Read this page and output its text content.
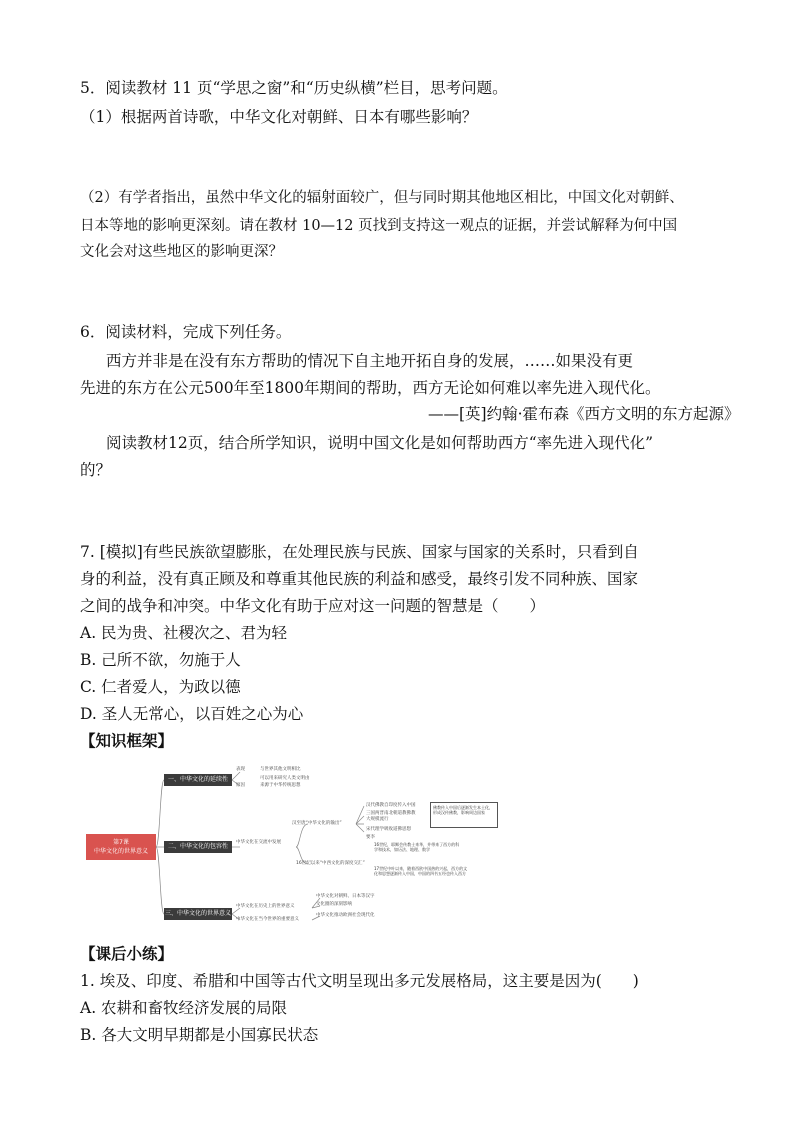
5．阅读教材 11 页“学思之窗”和“历史纵横”栏目，思考问题。
（1）根据两首诗歌，中华文化对朝鲜、日本有哪些影响？
（2）有学者指出，虽然中华文化的辐射面较广，但与同时期其他地区相比，中国文化对朝鲜、
日本等地的影响更深刻。请在教材 10—12 页找到支持这一观点的证据，并尝试解释为何中国
文化会对这些地区的影响更深？
6．阅读材料，完成下列任务。
西方并非是在没有东方帮助的情况下自主地开拓自身的发展，……如果没有更
先进的东方在公元500年至1800年期间的帮助，西方无论如何难以率先进入现代化。
——[英]约翰·霍布森《西方文明的东方起源》
阅读教材12页，结合所学知识，说明中国文化是如何帮助西方“率先进入现代化”
的？
7. [模拟]有些民族欲望膨胀，在处理民族与民族、国家与国家的关系时，只看到自
身的利益，没有真正顾及和尊重其他民族的利益和感受，最终引发不同种族、国家
之间的战争和冲突。中华文化有助于应对这一问题的智慧是（　　）
A. 民为贵、社稷次之、君为轻
B. 己所不欲，勿施于人
C. 仁者爱人，为政以德
D. 圣人无常心，以百姓之心为心
【知识框架】
第7课
中华文化的世界意义
一、中华文化的延续性
二、中华文化的包容性
三、中华文化的世界意义
表现
原因
与世界其他文明相比
可以用来研究人类文明由
来源于中华传统思想
中华文化在交流中发展
汉至唐“中华文化的输出”
16世纪以来“中西文化的深度交汇”
汉代佛教自印度传入中国
三国两晋南北朝道教佛教
大规模流行
宋代理学吸收道佛思想
要李
佛教传入中国后逐渐发生本土化，形成汉传佛教，影响周边国家
16世纪，耶稣会传教士来华，并带来了西方的科学和技术，如历法、地理、数学
17世纪中叶以来，随着西欧中国热的兴起，西方的文化和思想逐渐传入中国，中国的四书五经也传入西方
中华文化在历史上的世界意义
中华文化在当今世界的重要意义
中华文化对朝鲜、日本等汉字
文化圈的深刻影响
中华文化推动欧洲社会现代化
【课后小练】
1. 埃及、印度、希腊和中国等古代文明呈现出多元发展格局，这主要是因为(　　)
A. 农耕和畜牧经济发展的局限
B. 各大文明早期都是小国寡民状态
